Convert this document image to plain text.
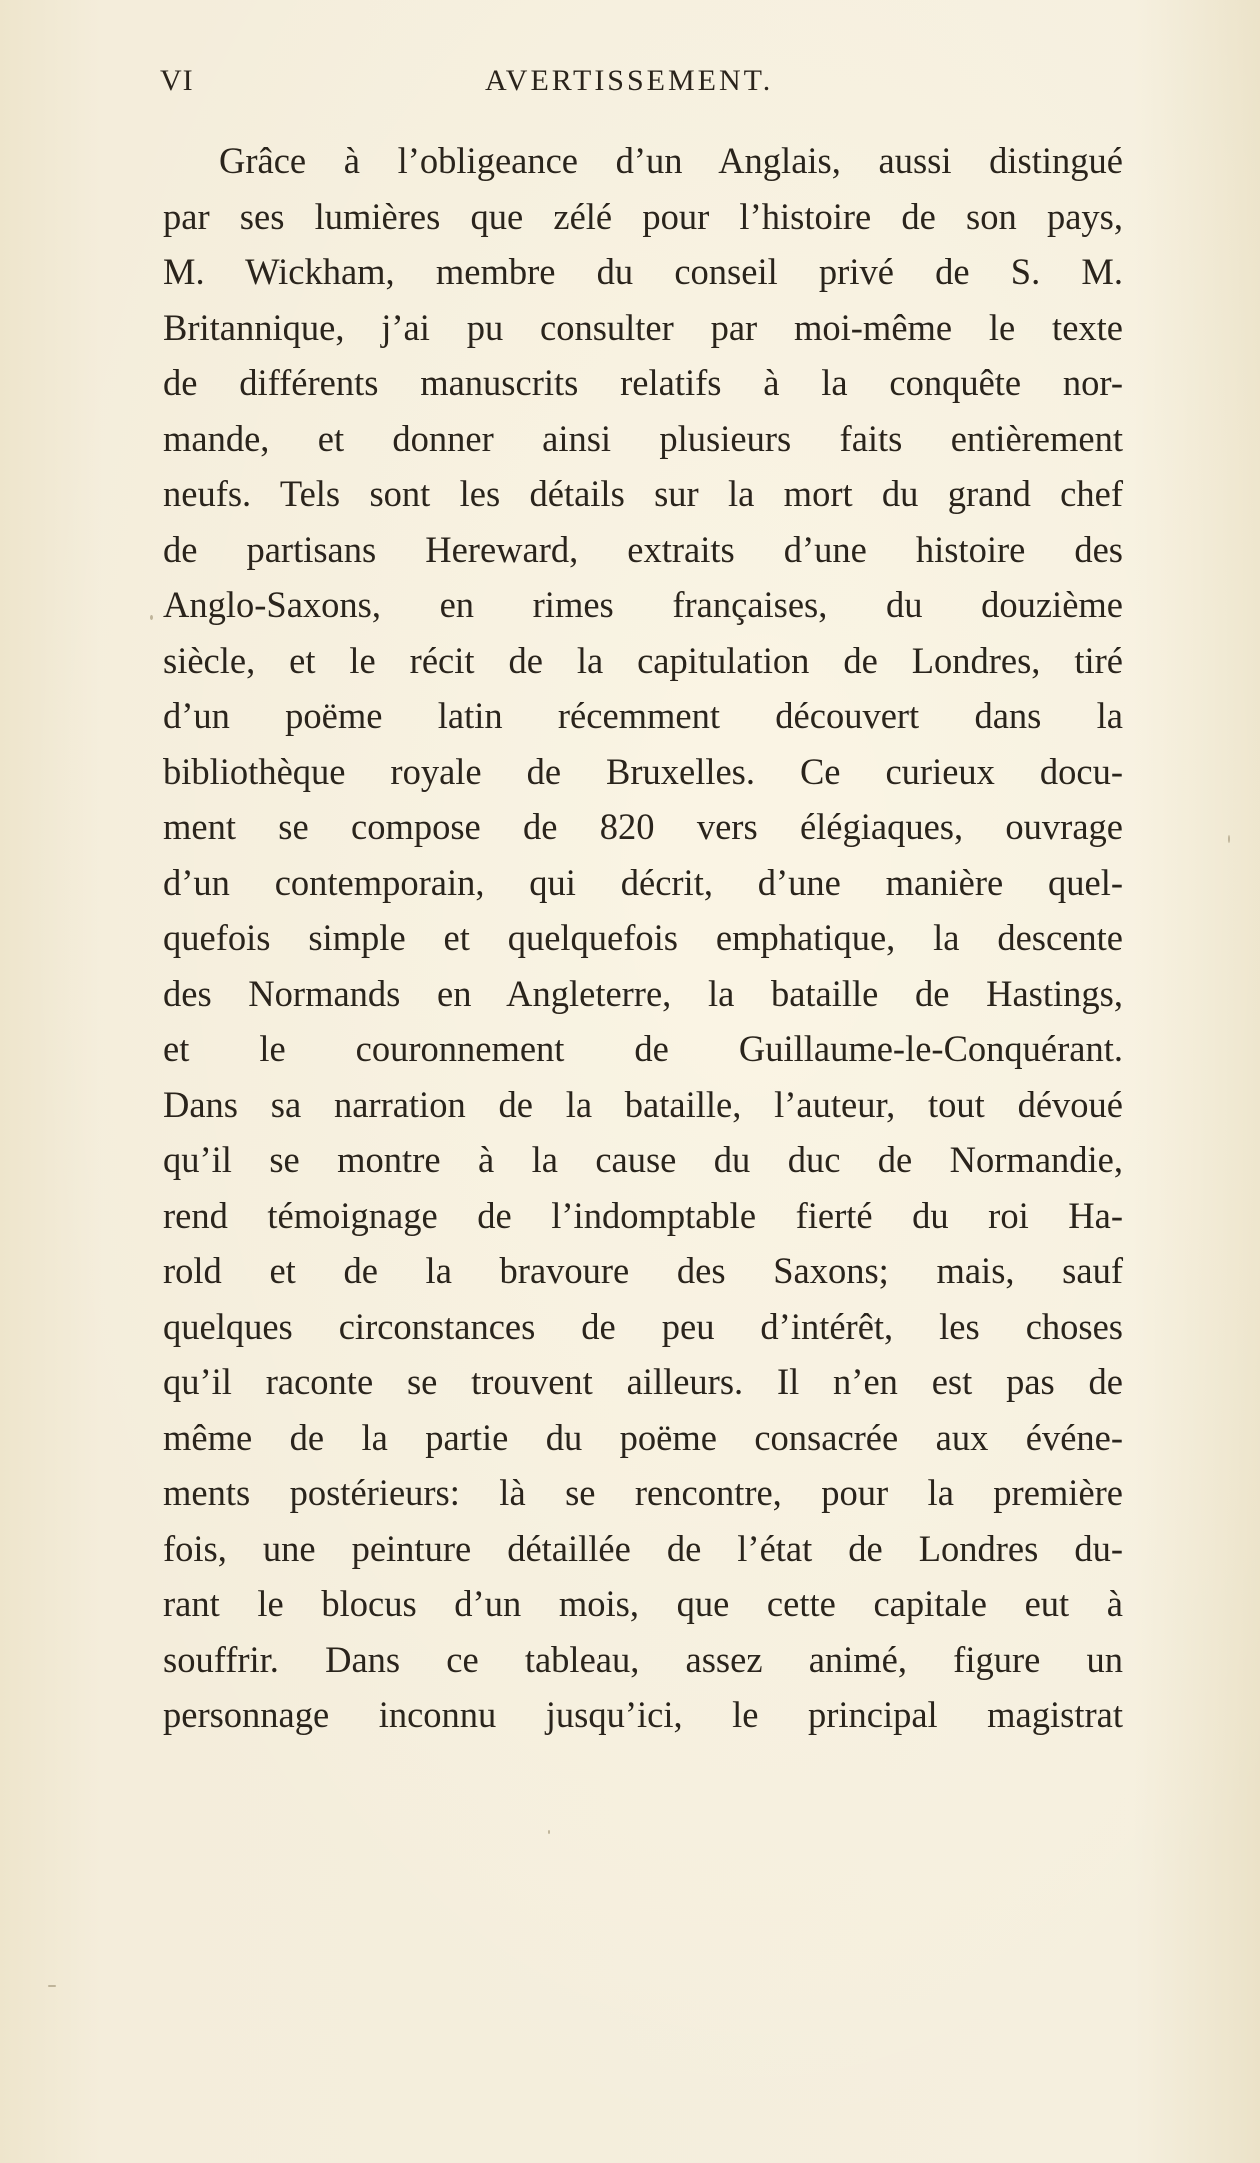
VI	AVERTISSEMENT.
Grâce à l’obligeance d’un Anglais, aussi distingué
par ses lumières que zélé pour l’histoire de son pays,
M. Wickham, membre du conseil privé de S. M.
Britannique, j’ai pu consulter par moi-même le texte
de différents manuscrits relatifs à la conquête nor-
mande, et donner ainsi plusieurs faits entièrement
neufs. Tels sont les détails sur la mort du grand chef
de partisans Hereward, extraits d’une histoire des
Anglo-Saxons, en rimes françaises, du douzième
siècle, et le récit de la capitulation de Londres, tiré
d’un poëme latin récemment découvert dans la
bibliothèque royale de Bruxelles. Ce curieux docu-
ment se compose de 820 vers élégiaques, ouvrage
d’un contemporain, qui décrit, d’une manière quel-
quefois simple et quelquefois emphatique, la descente
des Normands en Angleterre, la bataille de Hastings,
et le couronnement de Guillaume-le-Conquérant.
Dans sa narration de la bataille, l’auteur, tout dévoué
qu’il se montre à la cause du duc de Normandie,
rend témoignage de l’indomptable fierté du roi Ha-
rold et de la bravoure des Saxons; mais, sauf
quelques circonstances de peu d’intérêt, les choses
qu’il raconte se trouvent ailleurs. Il n’en est pas de
même de la partie du poëme consacrée aux événe-
ments postérieurs: là se rencontre, pour la première
fois, une peinture détaillée de l’état de Londres du-
rant le blocus d’un mois, que cette capitale eut à
souffrir. Dans ce tableau, assez animé, figure un
personnage inconnu jusqu’ici, le principal magistrat
